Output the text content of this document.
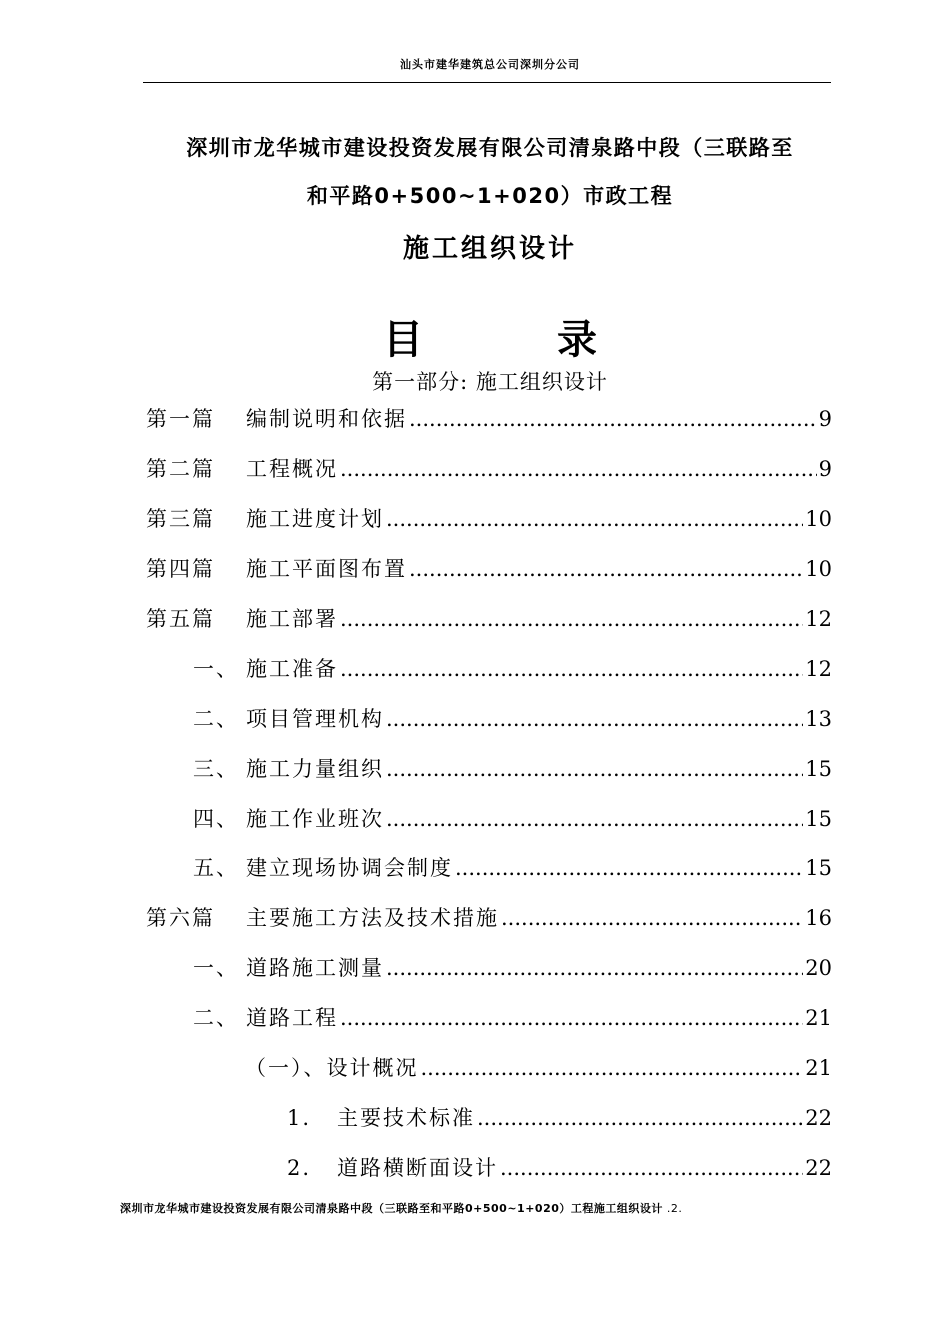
汕头市建华建筑总公司深圳分公司
深圳市龙华城市建设投资发展有限公司清泉路中段（三联路至
和平路0+500~1+020）市政工程
施工组织设计
目 录
第一部分: 施工组织设计
第一篇	编制说明和依据 .....	9
第二篇	工程概况 .....	9
第三篇	施工进度计划 .....	10
第四篇	施工平面图布置 .....	10
第五篇	施工部署 .....	12
一、 施工准备 .....	12
二、 项目管理机构 .....	13
三、 施工力量组织 .....	15
四、 施工作业班次 .....	15
五、 建立现场协调会制度 .....	15
第六篇	主要施工方法及技术措施 .....	16
一、 道路施工测量 .....	20
二、 道路工程 .....	21
（一）、设计概况 .....	21
1.	主要技术标准 .....	22
2.	道路横断面设计 .....	22
深圳市龙华城市建设投资发展有限公司清泉路中段（三联路至和平路0+500~1+020）工程施工组织设计 .2.
